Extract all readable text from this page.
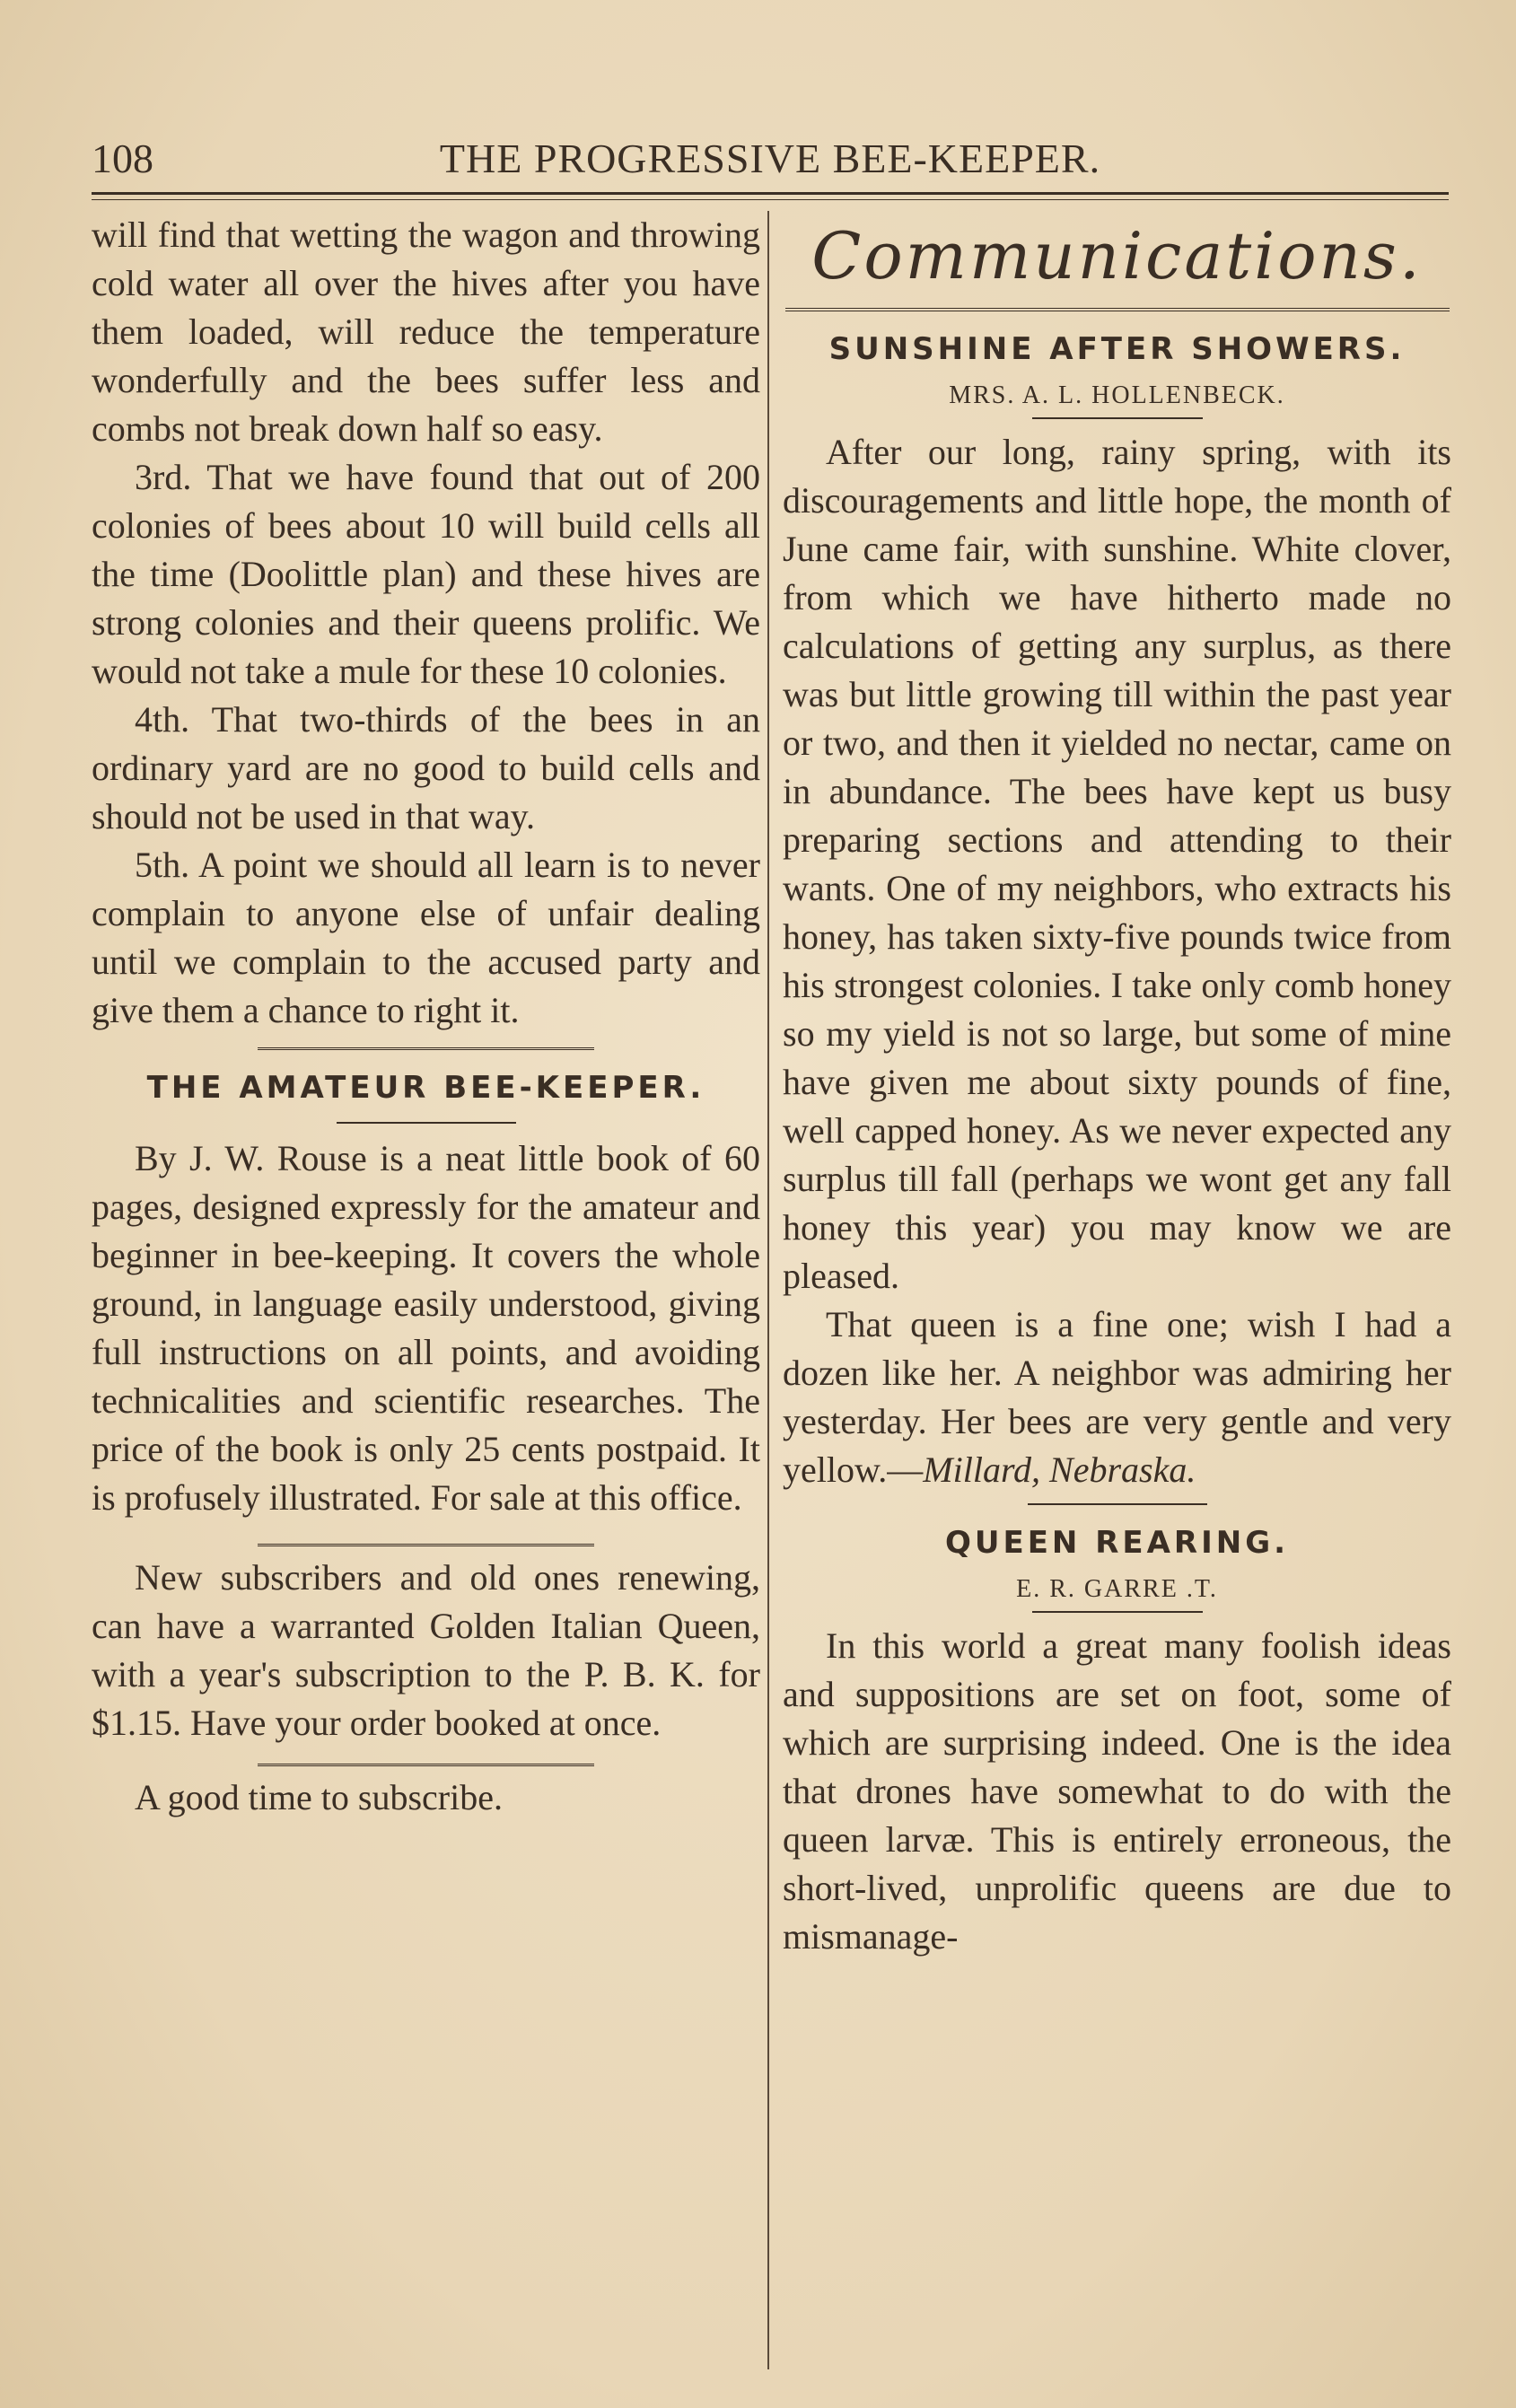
108	THE PROGRESSIVE BEE-KEEPER.

will find that wetting the wagon and throwing cold water all over the hives after you have them loaded, will reduce the temperature wonderfully and the bees suffer less and combs not break down half so easy.

3rd. That we have found that out of 200 colonies of bees about 10 will build cells all the time (Doolittle plan) and these hives are strong colonies and their queens prolific. We would not take a mule for these 10 colonies.

4th. That two-thirds of the bees in an ordinary yard are no good to build cells and should not be used in that way.

5th. A point we should all learn is to never complain to anyone else of unfair dealing until we complain to the accused party and give them a chance to right it.

THE AMATEUR BEE-KEEPER.

By J. W. Rouse is a neat little book of 60 pages, designed expressly for the amateur and beginner in bee-keeping. It covers the whole ground, in language easily understood, giving full instructions on all points, and avoiding technicalities and scientific researches. The price of the book is only 25 cents postpaid. It is profusely illustrated. For sale at this office.

New subscribers and old ones renewing, can have a warranted Golden Italian Queen, with a year's subscription to the P. B. K. for $1.15. Have your order booked at once.

A good time to subscribe.

Communications.
SUNSHINE AFTER SHOWERS.
MRS. A. L. HOLLENBECK.

After our long, rainy spring, with its discouragements and little hope, the month of June came fair, with sunshine. White clover, from which we have hitherto made no calculations of getting any surplus, as there was but little growing till within the past year or two, and then it yielded no nectar, came on in abundance. The bees have kept us busy preparing sections and attending to their wants. One of my neighbors, who extracts his honey, has taken sixty-five pounds twice from his strongest colonies. I take only comb honey so my yield is not so large, but some of mine have given me about sixty pounds of fine, well capped honey. As we never expected any surplus till fall (perhaps we wont get any fall honey this year) you may know we are pleased.

That queen is a fine one; wish I had a dozen like her. A neighbor was admiring her yesterday. Her bees are very gentle and very yellow.—Millard, Nebraska.

QUEEN REARING.
E. R. GARRE .T.

In this world a great many foolish ideas and suppositions are set on foot, some of which are surprising indeed. One is the idea that drones have somewhat to do with the queen larvæ. This is entirely erroneous, the short-lived, unprolific queens are due to mismanage-
